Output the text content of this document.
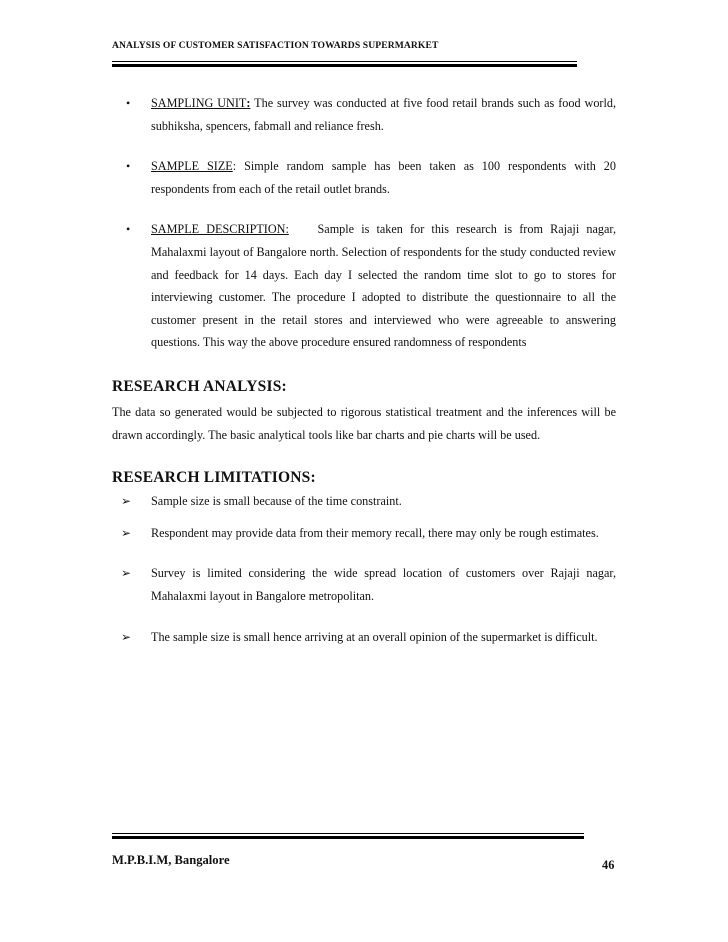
ANALYSIS OF CUSTOMER SATISFACTION TOWARDS SUPERMARKET
• SAMPLING UNIT: The survey was conducted at five food retail brands such as food world, subhiksha, spencers, fabmall and reliance fresh.
• SAMPLE SIZE: Simple random sample has been taken as 100 respondents with 20 respondents from each of the retail outlet brands.
• SAMPLE DESCRIPTION:    Sample is taken for this research is from Rajaji nagar, Mahalaxmi layout of Bangalore north. Selection of respondents for the study conducted review and feedback for 14 days. Each day I selected the random time slot to go to stores for interviewing customer. The procedure I adopted to distribute the questionnaire to all the customer present in the retail stores and interviewed who were agreeable to answering questions. This way the above procedure ensured randomness of respondents
RESEARCH ANALYSIS:

The data so generated would be subjected to rigorous statistical treatment and the inferences will be drawn accordingly. The basic analytical tools like bar charts and pie charts will be used.

RESEARCH LIMITATIONS:
➢ Sample size is small because of the time constraint.
➢ Respondent may provide data from their memory recall, there may only be rough estimates.
➢ Survey is limited considering the wide spread location of customers over Rajaji nagar, Mahalaxmi layout in Bangalore metropolitan.
➢ The sample size is small hence arriving at an overall opinion of the supermarket is difficult.
M.P.B.I.M, Bangalore	46
